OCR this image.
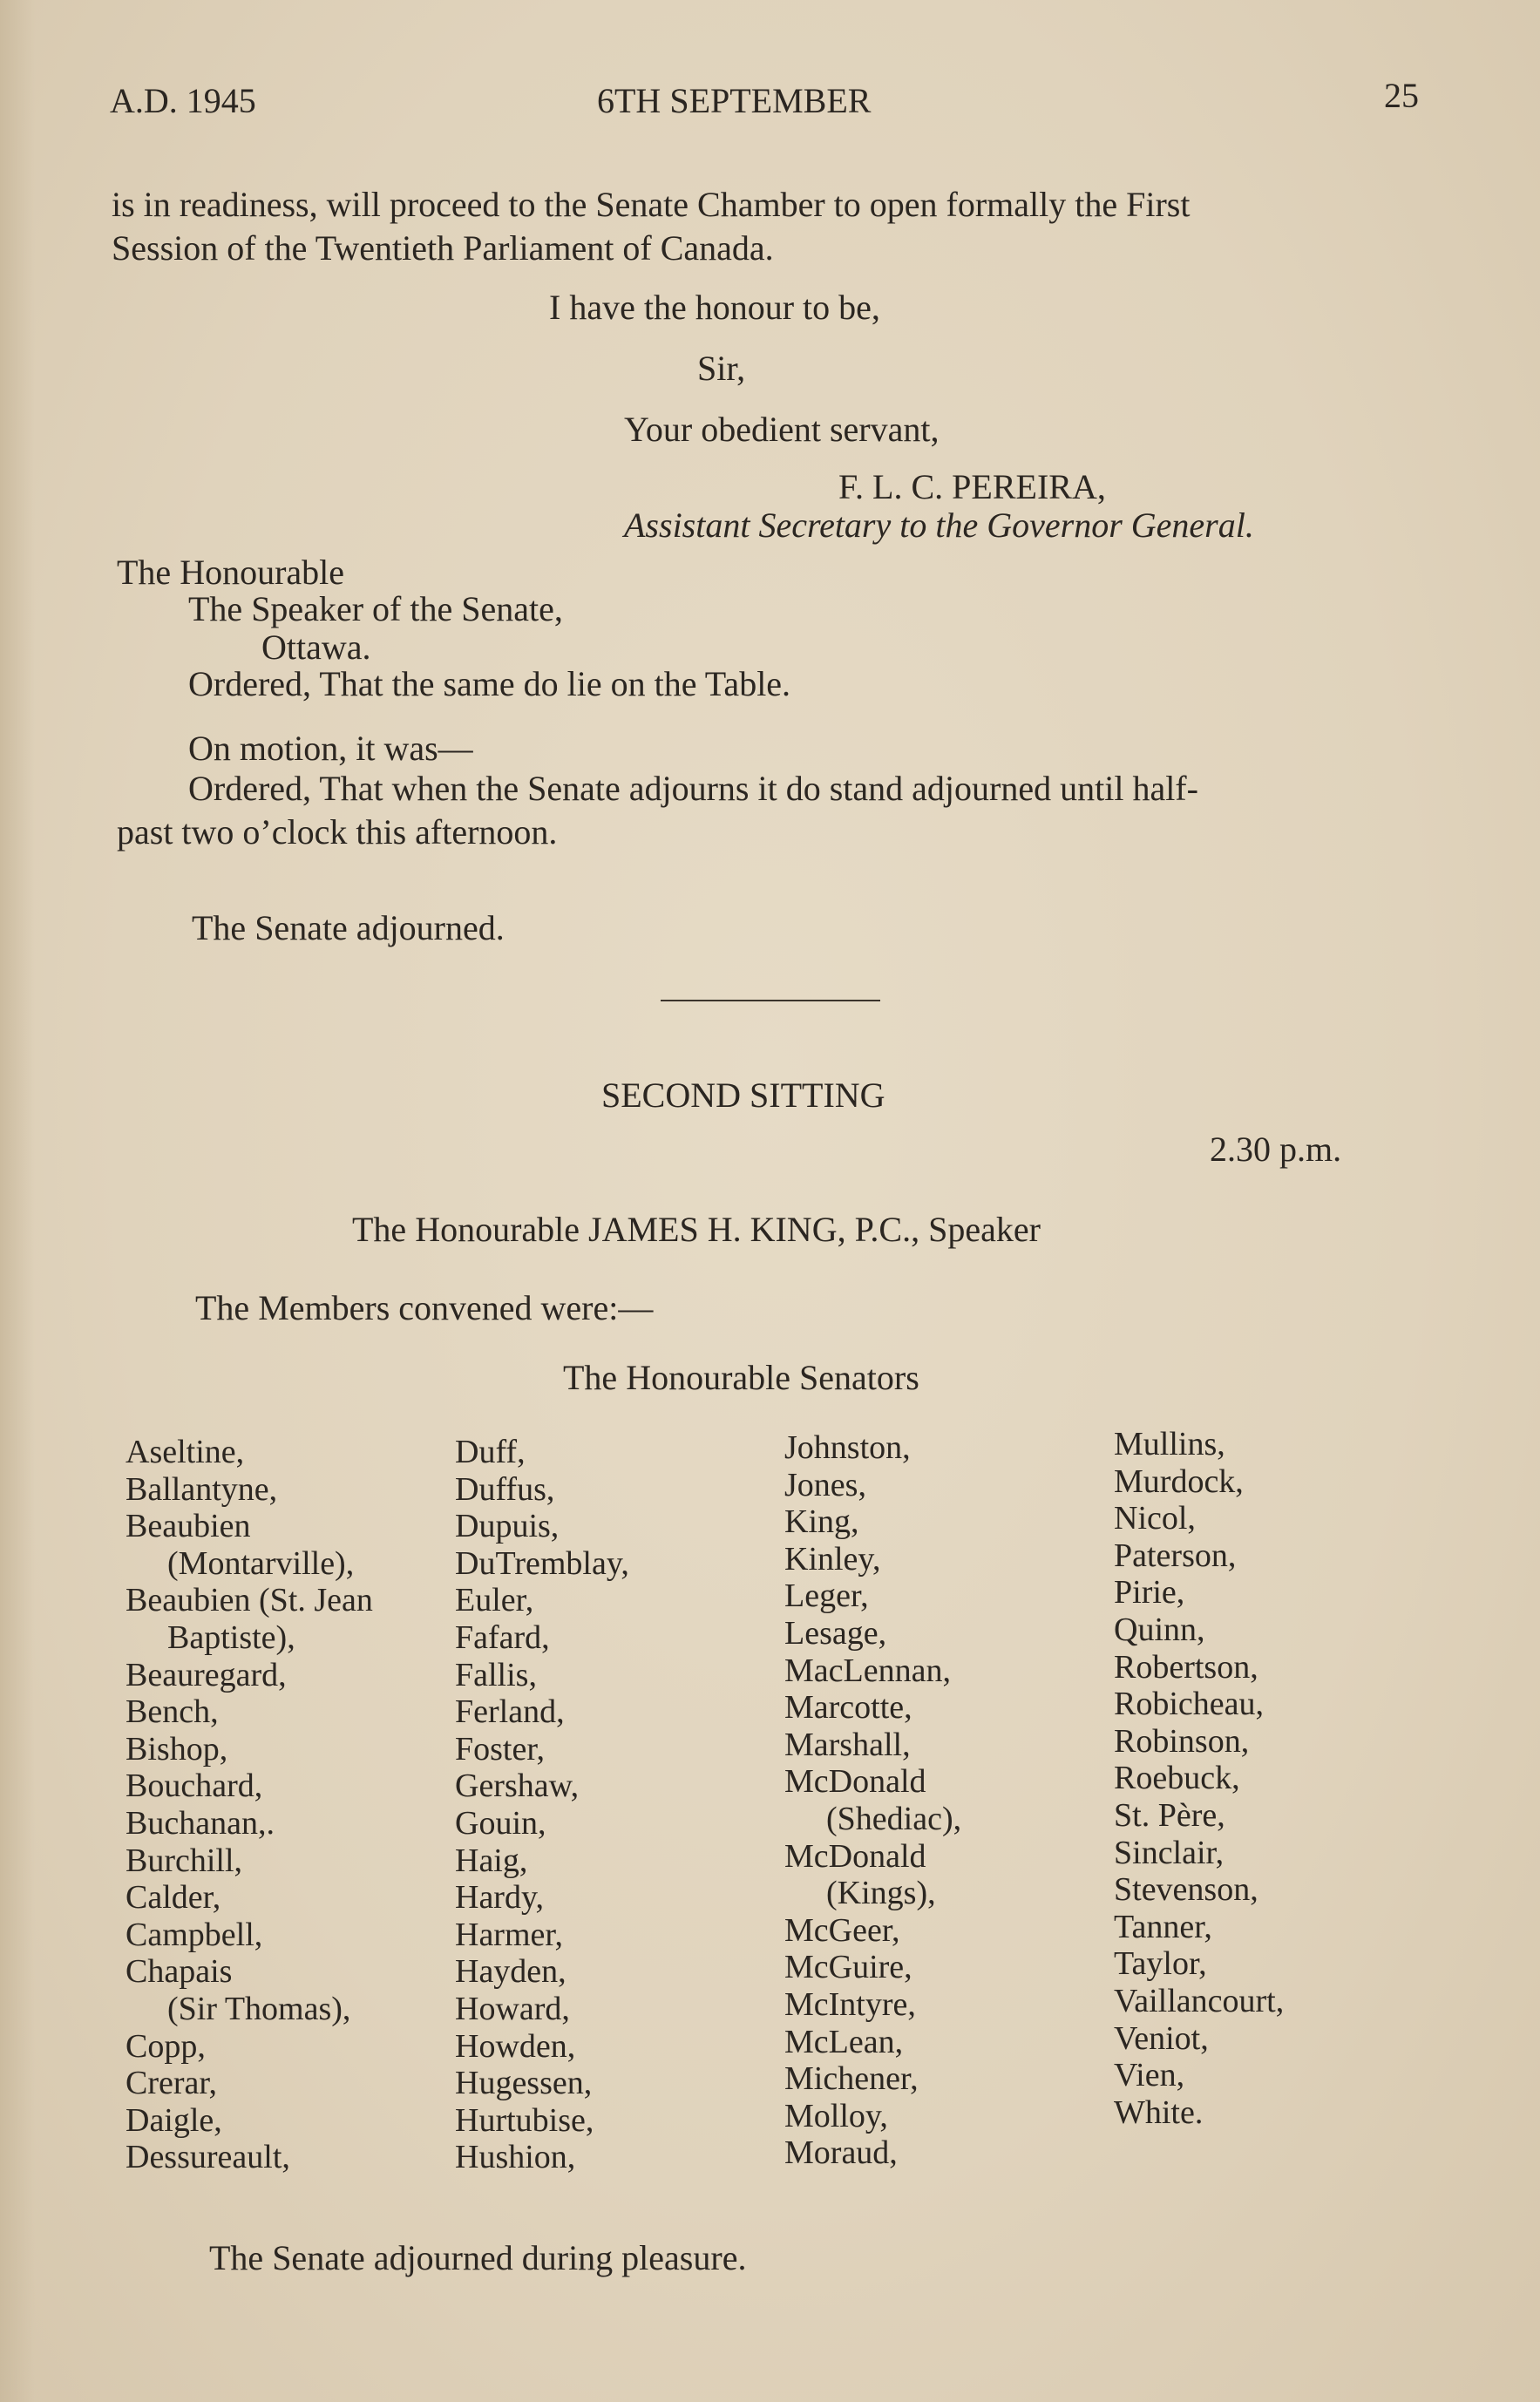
A.D. 1945	6TH SEPTEMBER	25
is in readiness, will proceed to the Senate Chamber to open formally the First
Session of the Twentieth Parliament of Canada.
I have the honour to be,
Sir,
Your obedient servant,
F. L. C. PEREIRA,
Assistant Secretary to the Governor General.
The Honourable
The Speaker of the Senate,
Ottawa.
Ordered, That the same do lie on the Table.
On motion, it was—
Ordered, That when the Senate adjourns it do stand adjourned until half-
past two o’clock this afternoon.
The Senate adjourned.
SECOND SITTING
2.30 p.m.
The Honourable JAMES H. KING, P.C., Speaker
The Members convened were:—
The Honourable Senators
Aseltine,
Ballantyne,
Beaubien
(Montarville),
Beaubien (St. Jean
Baptiste),
Beauregard,
Bench,
Bishop,
Bouchard,
Buchanan,.
Burchill,
Calder,
Campbell,
Chapais
(Sir Thomas),
Copp,
Crerar,
Daigle,
Dessureault,
Duff,
Duffus,
Dupuis,
DuTremblay,
Euler,
Fafard,
Fallis,
Ferland,
Foster,
Gershaw,
Gouin,
Haig,
Hardy,
Harmer,
Hayden,
Howard,
Howden,
Hugessen,
Hurtubise,
Hushion,
Johnston,
Jones,
King,
Kinley,
Leger,
Lesage,
MacLennan,
Marcotte,
Marshall,
McDonald
(Shediac),
McDonald
(Kings),
McGeer,
McGuire,
McIntyre,
McLean,
Michener,
Molloy,
Moraud,
Mullins,
Murdock,
Nicol,
Paterson,
Pirie,
Quinn,
Robertson,
Robicheau,
Robinson,
Roebuck,
St. Père,
Sinclair,
Stevenson,
Tanner,
Taylor,
Vaillancourt,
Veniot,
Vien,
White.
The Senate adjourned during pleasure.
